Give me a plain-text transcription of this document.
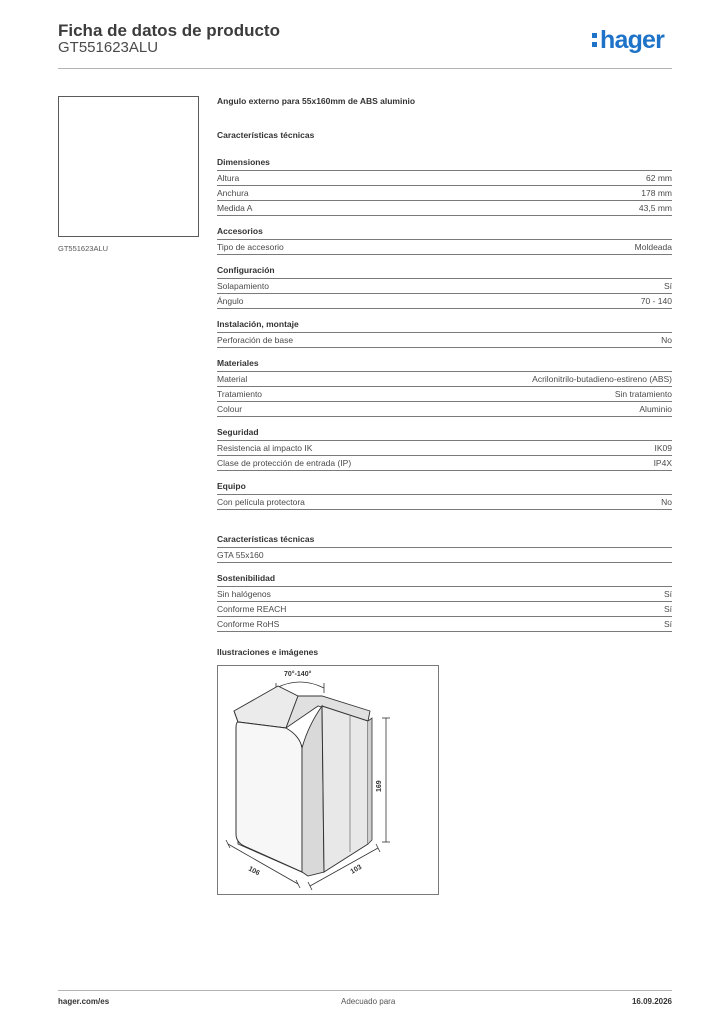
Ficha de datos de producto
GT551623ALU	hager
GT551623ALU
Angulo externo para 55x160mm de ABS aluminio
Características técnicas
Dimensiones
Altura	62 mm
Anchura	178 mm
Medida A	43,5 mm
Accesorios
Tipo de accesorio	Moldeada
Configuración
Solapamiento	Sí
Ángulo	70 - 140
Instalación, montaje
Perforación de base	No
Materiales
Material	Acrilonitrilo-butadieno-estireno (ABS)
Tratamiento	Sin tratamiento
Colour	Aluminio
Seguridad
Resistencia al impacto IK	IK09
Clase de protección de entrada (IP)	IP4X
Equipo
Con película protectora	No
Características técnicas
GTA 55x160
Sostenibilidad
Sin halógenos	Sí
Conforme REACH	Sí
Conforme RoHS	Sí
Ilustraciones e imágenes
70°-140°
169
106	103
hager.com/es	Adecuado para	16.09.2026
